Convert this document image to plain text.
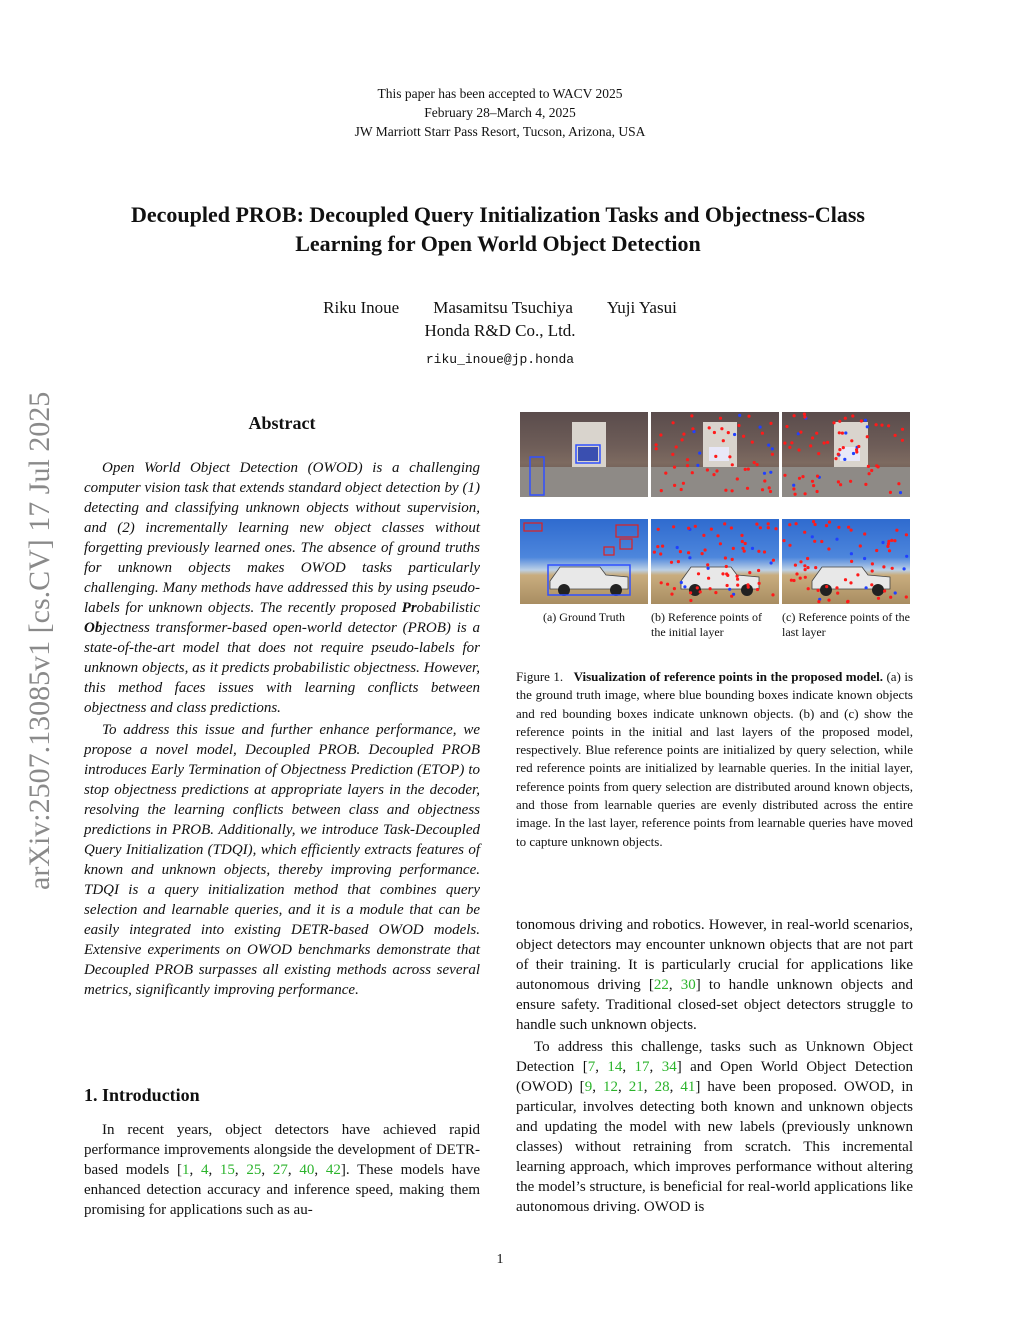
This paper has been accepted to WACV 2025
February 28–March 4, 2025
JW Marriott Starr Pass Resort, Tucson, Arizona, USA
Decoupled PROB: Decoupled Query Initialization Tasks and Objectness-Class
Learning for Open World Object Detection
Riku Inoue Masamitsu Tsuchiya Yuji Yasui
Honda R&D Co., Ltd.
riku_inoue@jp.honda
arXiv:2507.13085v1 [cs.CV] 17 Jul 2025	Abstract

Open World Object Detection (OWOD) is a challenging computer vision task that extends standard object detection by (1) detecting and classifying unknown objects without supervision, and (2) incrementally learning new object classes without forgetting previously learned ones. The absence of ground truths for unknown objects makes OWOD tasks particularly challenging. Many methods have addressed this by using pseudo-labels for unknown objects. The recently proposed Probabilistic Objectness transformer-based open-world detector (PROB) is a state-of-the-art model that does not require pseudo-labels for unknown objects, as it predicts probabilistic objectness. However, this method faces issues with learning conflicts between objectness and class predictions.

To address this issue and further enhance performance, we propose a novel model, Decoupled PROB. Decoupled PROB introduces Early Termination of Objectness Prediction (ETOP) to stop objectness predictions at appropriate layers in the decoder, resolving the learning conflicts between class and objectness predictions in PROB. Additionally, we introduce Task-Decoupled Query Initialization (TDQI), which efficiently extracts features of known and unknown objects, thereby improving performance. TDQI is a query initialization method that combines query selection and learnable queries, and it is a module that can be easily integrated into existing DETR-based OWOD models. Extensive experiments on OWOD benchmarks demonstrate that Decoupled PROB surpasses all existing methods across several metrics, significantly improving performance.

1. Introduction

In recent years, object detectors have achieved rapid performance improvements alongside the development of DETR-based models [1, 4, 15, 25, 27, 40, 42]. These models have enhanced detection accuracy and inference speed, making them promising for applications such as au-

(a) Ground Truth	(b) Reference points of the initial layer
(c) Reference points of the last layer
Figure 1. Visualization of reference points in the proposed model. (a) is the ground truth image, where blue bounding boxes indicate known objects and red bounding boxes indicate unknown objects. (b) and (c) show the reference points in the initial and last layers of the proposed model, respectively. Blue reference points are initialized by query selection, while red reference points are initialized by learnable queries. In the initial layer, reference points from query selection are distributed around known objects, and those from learnable queries are evenly distributed across the entire image. In the last layer, reference points from learnable queries have moved to capture unknown objects.

tonomous driving and robotics. However, in real-world scenarios, object detectors may encounter unknown objects that are not part of their training. It is particularly crucial for applications like autonomous driving [22, 30] to handle unknown objects and ensure safety. Traditional closed-set object detectors struggle to handle such unknown objects.

To address this challenge, tasks such as Unknown Object Detection [7, 14, 17, 34] and Open World Object Detection (OWOD) [9, 12, 21, 28, 41] have been proposed. OWOD, in particular, involves detecting both known and unknown objects and updating the model with new labels (previously unknown classes) without retraining from scratch. This incremental learning approach, which improves performance without altering the model’s structure, is beneficial for real-world applications like autonomous driving. OWOD is

1
